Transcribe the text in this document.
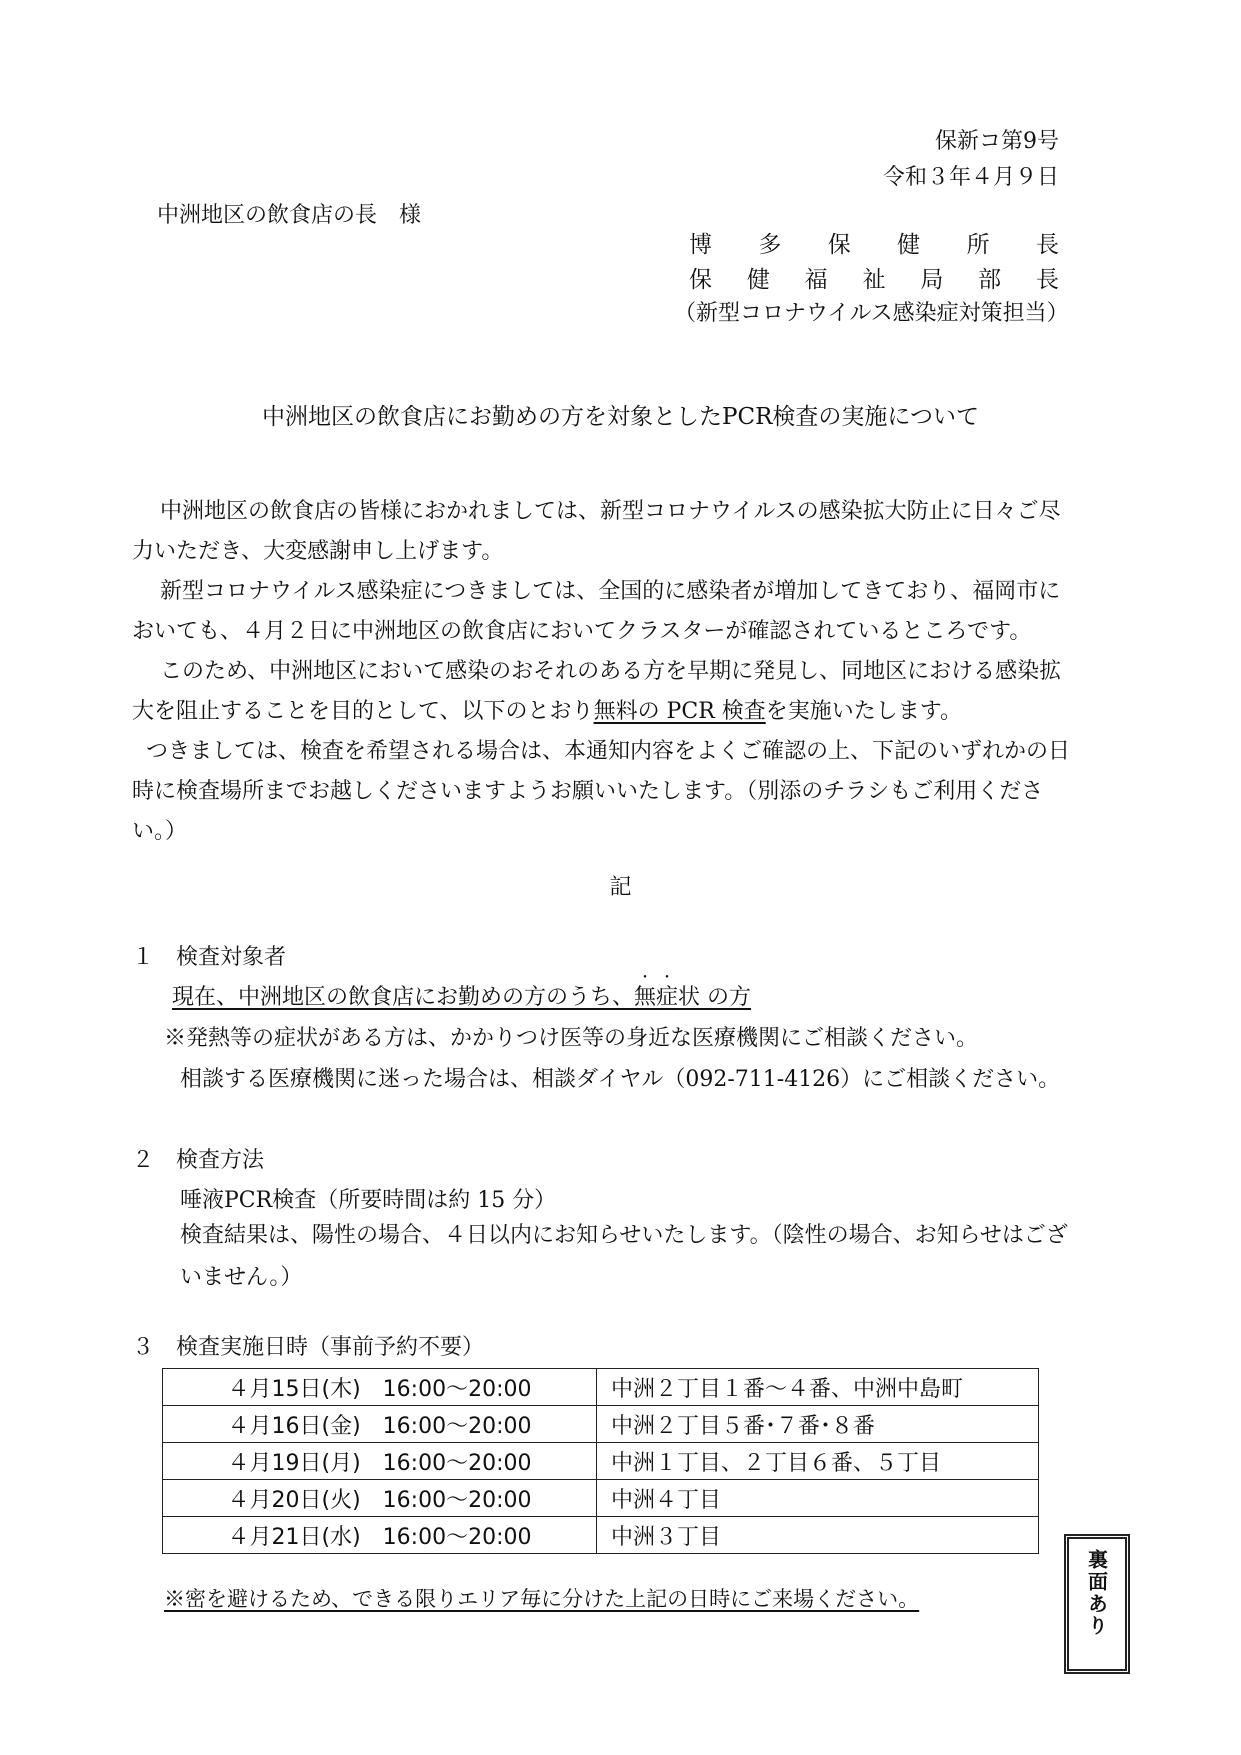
保新コ第9号
令和３年４月９日
中洲地区の飲食店の長　様
博 多 保 健 所 長
保 健 福 祉 局 部 長
（新型コロナウイルス感染症対策担当）
中洲地区の飲食店にお勤めの方を対象としたPCR検査の実施について
中洲地区の飲食店の皆様におかれましては、新型コロナウイルスの感染拡大防止に日々ご尽力いただき、大変感謝申し上げます。
新型コロナウイルス感染症につきましては、全国的に感染者が増加してきており、福岡市においても、４月２日に中洲地区の飲食店においてクラスターが確認されているところです。
このため、中洲地区において感染のおそれのある方を早期に発見し、同地区における感染拡大を阻止することを目的として、以下のとおり無料の PCR 検査を実施いたします。
つきましては、検査を希望される場合は、本通知内容をよくご確認の上、下記のいずれかの日時に検査場所までお越しくださいますようお願いいたします。（別添のチラシもご利用ください。）
記
１　検査対象者
現在、中洲地区の飲食店にお勤めの方のうち、・ 無・ 症状 の方
※発熱等の症状がある方は、かかりつけ医等の身近な医療機関にご相談ください。
相談する医療機関に迷った場合は、相談ダイヤル（092-711-4126）にご相談ください。
２　検査方法
唾液PCR検査（所要時間は約 15 分）
検査結果は、陽性の場合、４日以内にお知らせいたします。（陰性の場合、お知らせはございません。）
３　検査実施日時（事前予約不要）
４月15日(木)　16:00～20:00	中洲２丁目１番～４番、中洲中島町
４月16日(金)　16:00～20:00	中洲２丁目５番･７番･８番
４月19日(月)　16:00～20:00	中洲１丁目、２丁目６番、５丁目
４月20日(火)　16:00～20:00	中洲４丁目
４月21日(水)　16:00～20:00	中洲３丁目
※密を避けるため、できる限りエリア毎に分けた上記の日時にご来場ください。	裏面あり
